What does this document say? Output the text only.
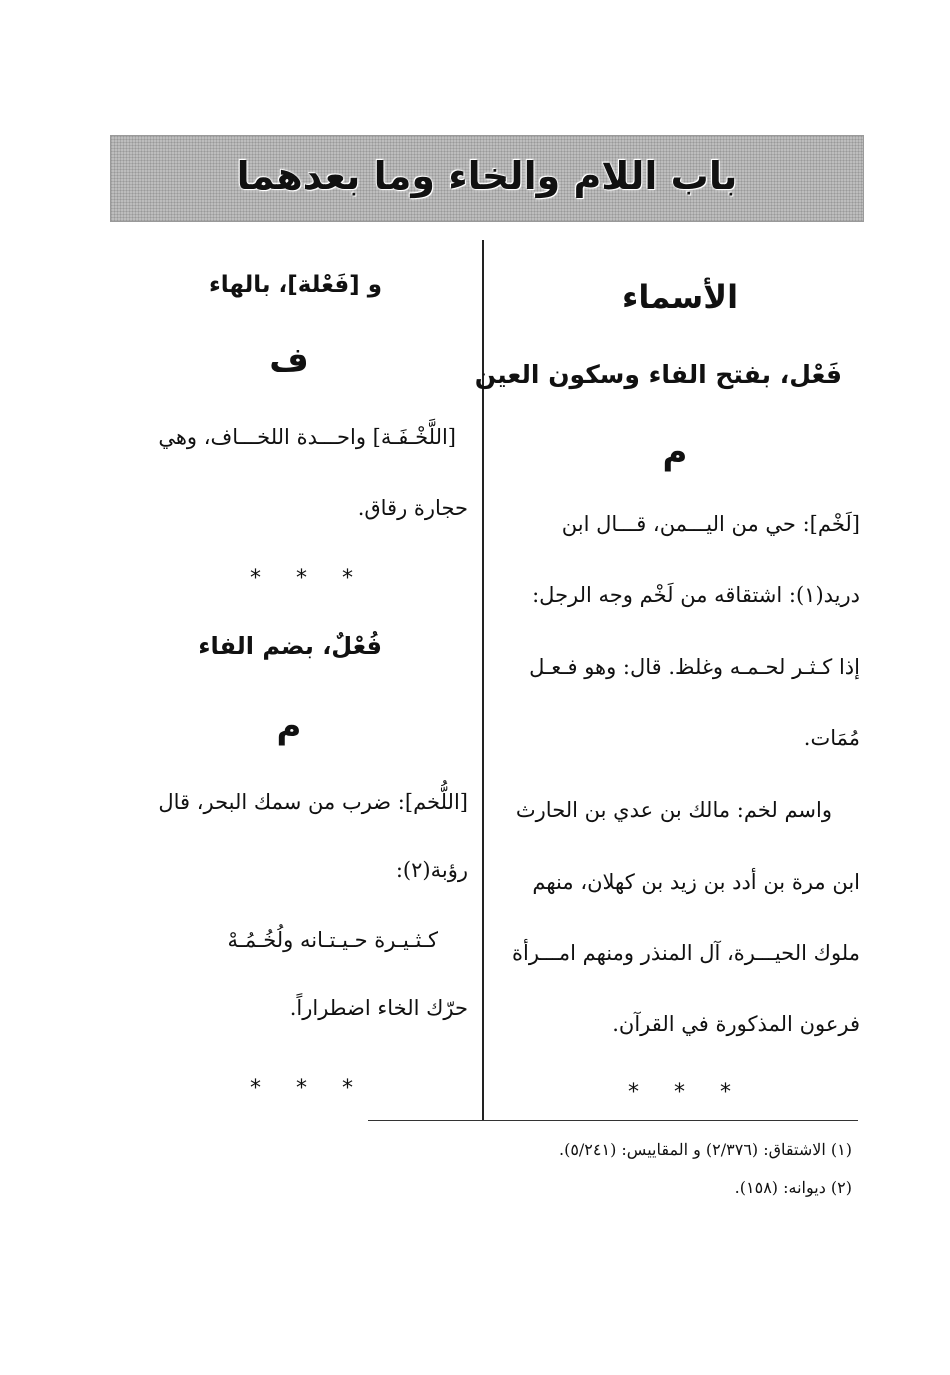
باب اللام والخاء وما بعدهما
الأسماء
فَعْل، بفتح الفاء وسكون العين
م
[لَخْم]: حي من اليـــمن، قـــال ابن
دريد(١): اشتقاقه من لَخْم وجه الرجل:
إذا كـثـر لحـمـه وغلظ. قال: وهو فـعـل
مُمَات.
واسم لخم: مالك بن عدي بن الحارث
ابن مرة بن أدد بن زيد بن كهلان، منهم
ملوك الحيـــرة، آل المنذر ومنهم امـــرأة
فرعون المذكورة في القرآن.
* * *
و [فَعْلة]، بالهاء
ف
[اللَّخْـفَـة] واحـــدة اللخـــاف، وهي
حجارة رقاق.
* * *
فُعْلٌ، بضم الفاء
م
[اللُّخم]: ضرب من سمك البحر، قال
رؤبة(٢):
كـثـيـرة حـيـتـانه ولُخُـمُـهْ
حرّك الخاء اضطراراً.
* * *
(١) الاشتقاق: (٢/٣٧٦) و المقاييس: (٥/٢٤١).
(٢) ديوانه: (١٥٨).
